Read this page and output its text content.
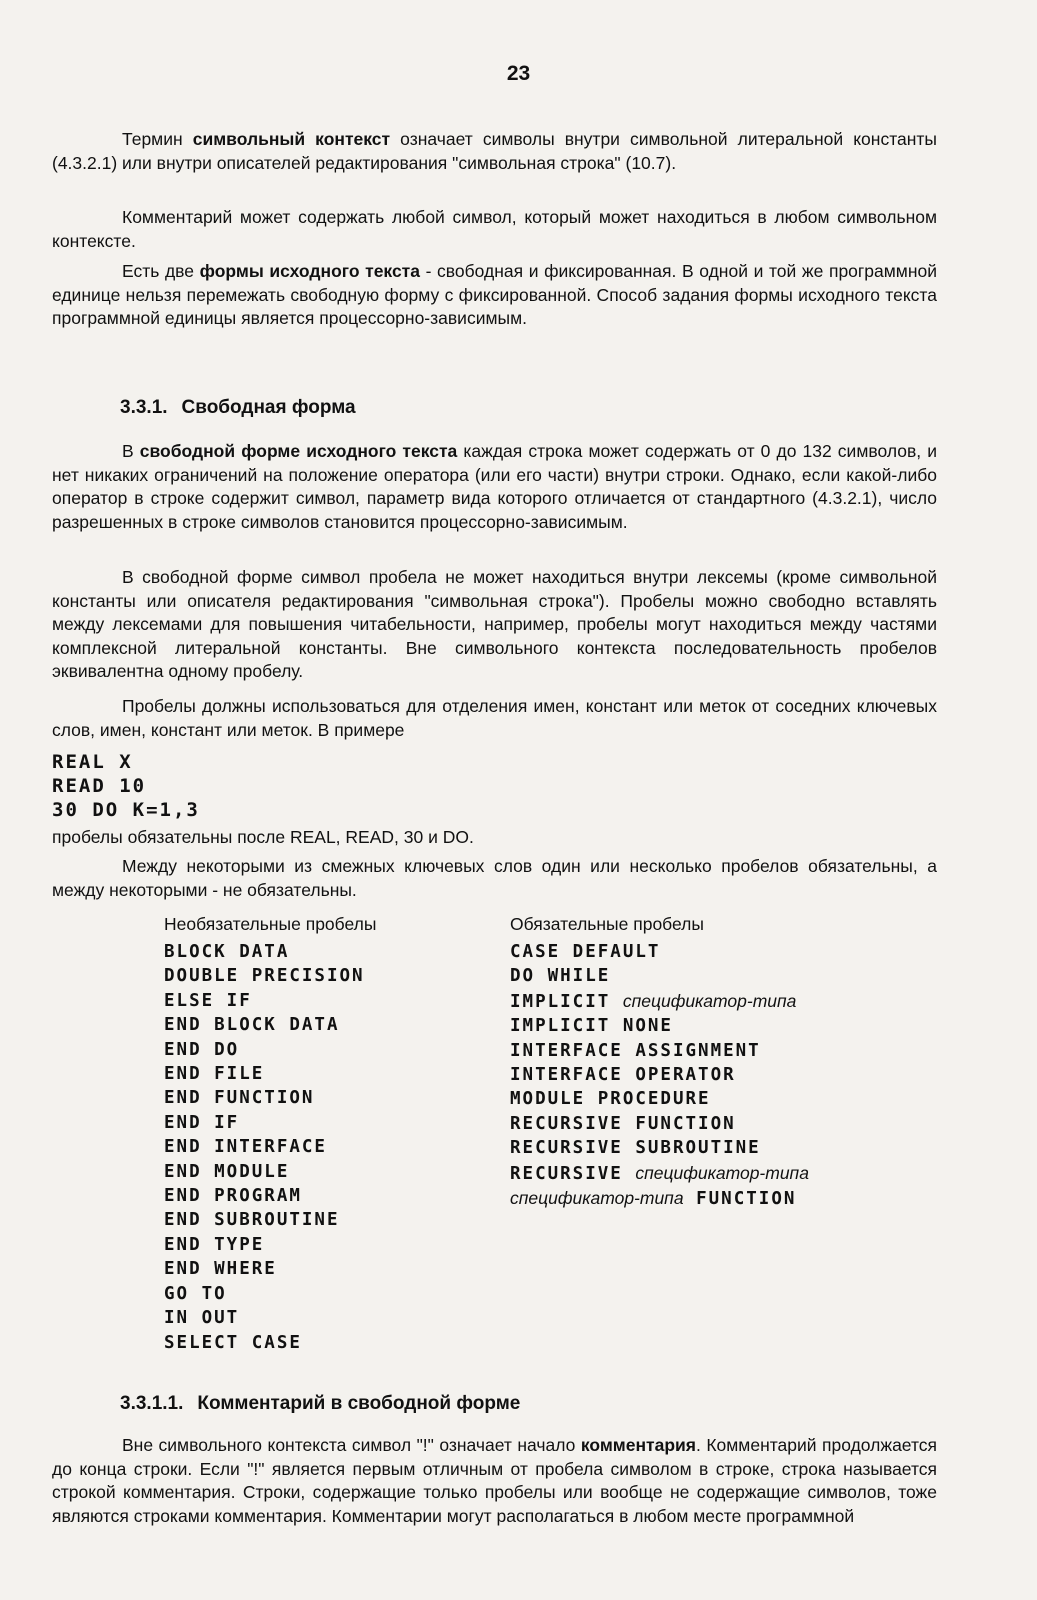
23

Термин символьный контекст означает символы внутри символьной литеральной константы (4.3.2.1) или внутри описателей редактирования "символьная строка" (10.7).

Комментарий может содержать любой символ, который может находиться в любом символьном контексте.

Есть две формы исходного текста - свободная и фиксированная. В одной и той же программной единице нельзя перемежать свободную форму с фиксированной. Способ задания формы исходного текста программной единицы является процессорно-зависимым.

3.3.1. Свободная форма

В свободной форме исходного текста каждая строка может содержать от 0 до 132 символов, и нет никаких ограничений на положение оператора (или его части) внутри строки. Однако, если какой-либо оператор в строке содержит символ, параметр вида которого отличается от стандартного (4.3.2.1), число разрешенных в строке символов становится процессорно-зависимым.

В свободной форме символ пробела не может находиться внутри лексемы (кроме символьной константы или описателя редактирования "символьная строка"). Пробелы можно свободно вставлять между лексемами для повышения читабельности, например, пробелы могут находиться между частями комплексной литеральной константы. Вне символьного контекста последовательность пробелов эквивалентна одному пробелу.

Пробелы должны использоваться для отделения имен, констант или меток от соседних ключевых слов, имен, констант или меток. В примере

REAL X
READ 10
30 DO K=1,3

пробелы обязательны после REAL, READ, 30 и DO.

Между некоторыми из смежных ключевых слов один или несколько пробелов обязательны, а между некоторыми - не обязательны.

Необязательные пробелы
BLOCK DATA
DOUBLE PRECISION
ELSE IF
END BLOCK DATA
END DO
END FILE
END FUNCTION
END IF
END INTERFACE
END MODULE
END PROGRAM
END SUBROUTINE
END TYPE
END WHERE
GO TO
IN OUT
SELECT CASE
Обязательные пробелы
CASE DEFAULT
DO WHILE
IMPLICIT спецификатор-типа
IMPLICIT NONE
INTERFACE ASSIGNMENT
INTERFACE OPERATOR
MODULE PROCEDURE
RECURSIVE FUNCTION
RECURSIVE SUBROUTINE
RECURSIVE спецификатор-типа
спецификатор-типа FUNCTION
3.3.1.1. Комментарий в свободной форме

Вне символьного контекста символ "!" означает начало комментария. Комментарий продолжается до конца строки. Если "!" является первым отличным от пробела символом в строке, строка называется строкой комментария. Строки, содержащие только пробелы или вообще не содержащие символов, тоже являются строками комментария. Комментарии могут располагаться в любом месте программной
